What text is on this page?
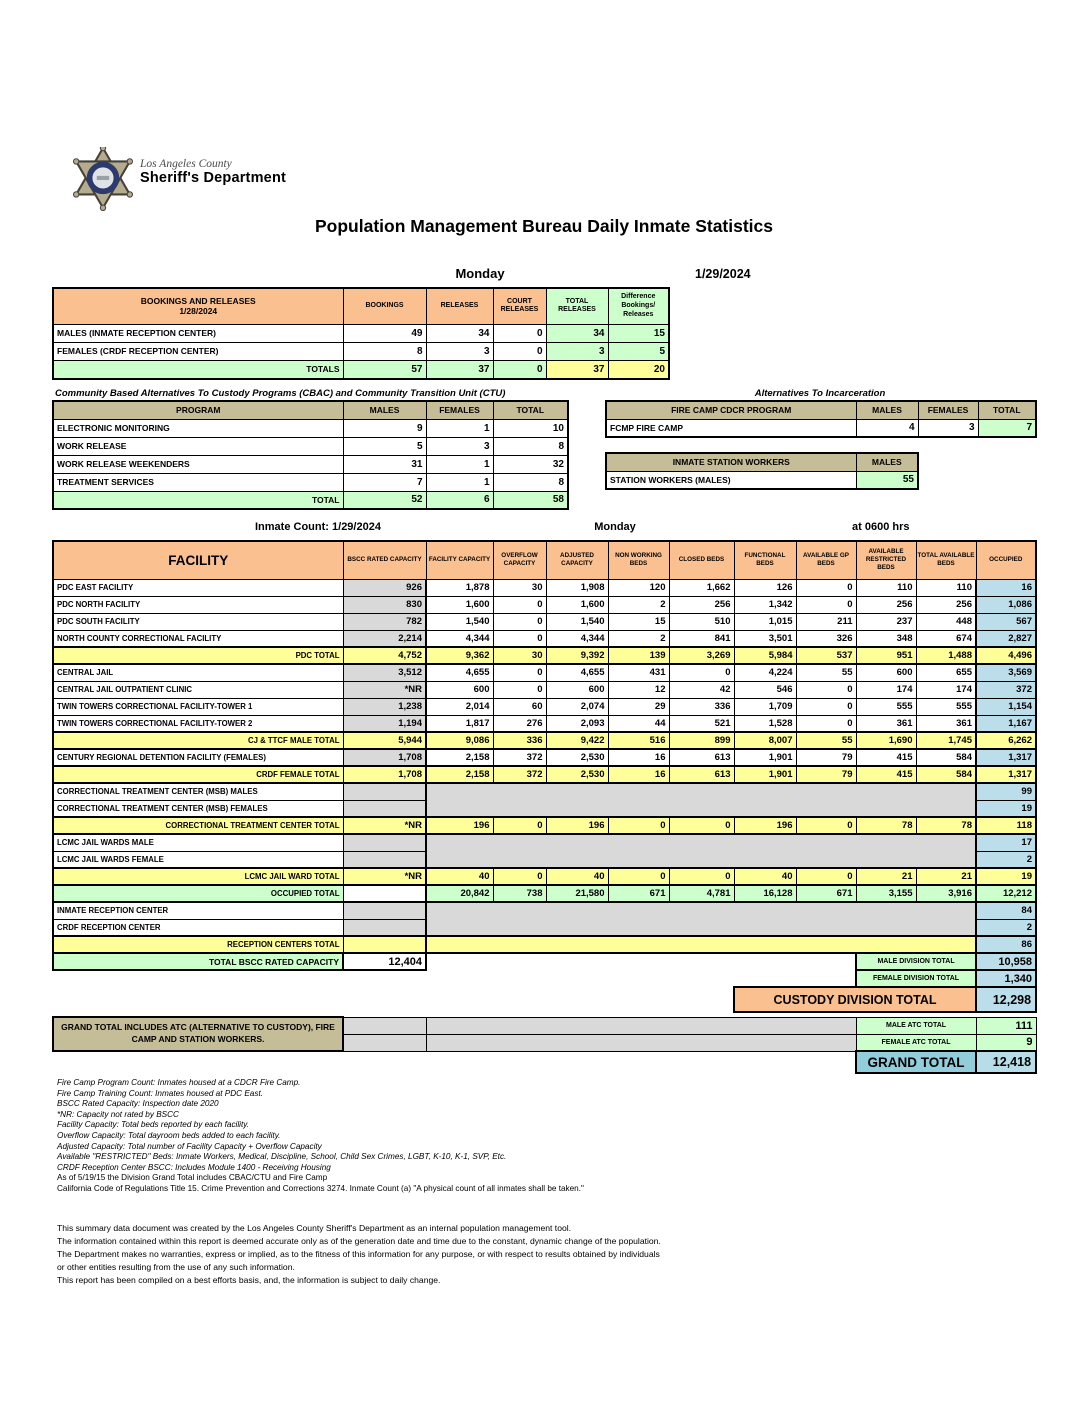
Los Angeles County
Sheriff's Department
Population Management Bureau Daily Inmate Statistics
Monday	1/29/2024
BOOKINGS AND RELEASES
1/28/2024	BOOKINGS	RELEASES	COURT RELEASES	TOTAL RELEASES	Difference Bookings/ Releases
MALES (INMATE RECEPTION CENTER)	49	34	0	34	15
FEMALES (CRDF RECEPTION CENTER)	8	3	0	3	5
TOTALS	57	37	0	37	20
Community Based Alternatives To Custody Programs (CBAC) and Community Transition Unit (CTU)
PROGRAM	MALES	FEMALES	TOTAL
ELECTRONIC MONITORING	9	1	10
WORK RELEASE	5	3	8
WORK RELEASE WEEKENDERS	31	1	32
TREATMENT SERVICES	7	1	8
TOTAL	52	6	58
Alternatives To Incarceration
FIRE CAMP CDCR PROGRAM	MALES	FEMALES	TOTAL
FCMP FIRE CAMP	4	3	7
INMATE STATION WORKERS	MALES
STATION WORKERS (MALES)	55
Inmate Count: 1/29/2024	Monday	at 0600 hrs
FACILITY	BSCC RATED CAPACITY	FACILITY CAPACITY	OVERFLOW CAPACITY	ADJUSTED CAPACITY	NON WORKING BEDS	CLOSED BEDS	FUNCTIONAL BEDS	AVAILABLE GP BEDS	AVAILABLE RESTRICTED BEDS	TOTAL AVAILABLE BEDS	OCCUPIED
PDC EAST FACILITY	926	1,878	30	1,908	120	1,662	126	0	110	110	16
PDC NORTH FACILITY	830	1,600	0	1,600	2	256	1,342	0	256	256	1,086
PDC SOUTH FACILITY	782	1,540	0	1,540	15	510	1,015	211	237	448	567
NORTH COUNTY CORRECTIONAL FACILITY	2,214	4,344	0	4,344	2	841	3,501	326	348	674	2,827
PDC TOTAL	4,752	9,362	30	9,392	139	3,269	5,984	537	951	1,488	4,496
CENTRAL JAIL	3,512	4,655	0	4,655	431	0	4,224	55	600	655	3,569
CENTRAL JAIL OUTPATIENT CLINIC	*NR	600	0	600	12	42	546	0	174	174	372
TWIN TOWERS CORRECTIONAL FACILITY-TOWER 1	1,238	2,014	60	2,074	29	336	1,709	0	555	555	1,154
TWIN TOWERS CORRECTIONAL FACILITY-TOWER 2	1,194	1,817	276	2,093	44	521	1,528	0	361	361	1,167
CJ & TTCF MALE TOTAL	5,944	9,086	336	9,422	516	899	8,007	55	1,690	1,745	6,262
CENTURY REGIONAL DETENTION FACILITY (FEMALES)	1,708	2,158	372	2,530	16	613	1,901	79	415	584	1,317
CRDF FEMALE TOTAL	1,708	2,158	372	2,530	16	613	1,901	79	415	584	1,317
CORRECTIONAL TREATMENT CENTER (MSB) MALES											99
CORRECTIONAL TREATMENT CENTER (MSB) FEMALES											19
CORRECTIONAL TREATMENT CENTER TOTAL	*NR	196	0	196	0	0	196	0	78	78	118
LCMC JAIL WARDS MALE											17
LCMC JAIL WARDS FEMALE											2
LCMC JAIL WARD TOTAL	*NR	40	0	40	0	0	40	0	21	21	19
OCCUPIED TOTAL		20,842	738	21,580	671	4,781	16,128	671	3,155	3,916	12,212
INMATE RECEPTION CENTER											84
CRDF RECEPTION CENTER											2
RECEPTION CENTERS TOTAL											86
TOTAL BSCC RATED CAPACITY	12,404			MALE DIVISION TOTAL	10,958
				FEMALE DIVISION TOTAL	1,340
			CUSTODY DIVISION TOTAL		12,298
GRAND TOTAL INCLUDES ATC (ALTERNATIVE TO CUSTODY), FIRE CAMP AND STATION WORKERS.			MALE ATC TOTAL	111
			FEMALE ATC TOTAL	9
			GRAND TOTAL	12,418
Fire Camp Program Count: Inmates housed at a CDCR Fire Camp.
Fire Camp Training Count: Inmates housed at PDC East.
BSCC Rated Capacity: Inspection date 2020
*NR: Capacity not rated by BSCC
Facility Capacity: Total beds reported by each facility.
Overflow Capacity: Total dayroom beds added to each facility.
Adjusted Capacity: Total number of Facility Capacity + Overflow Capacity
Available "RESTRICTED" Beds: Inmate Workers, Medical, Discipline, School, Child Sex Crimes, LGBT, K-10, K-1, SVP, Etc.
CRDF Reception Center BSCC: Includes Module 1400 - Receiving Housing
As of 5/19/15 the Division Grand Total includes CBAC/CTU and Fire Camp
California Code of Regulations Title 15. Crime Prevention and Corrections 3274. Inmate Count (a) "A physical count of all inmates shall be taken."
This summary data document was created by the Los Angeles County Sheriff's Department as an internal population management tool.
The information contained within this report is deemed accurate only as of the generation date and time due to the constant, dynamic change of the population.
The Department makes no warranties, express or implied, as to the fitness of this information for any purpose, or with respect to results obtained by individuals
or other entities resulting from the use of any such information.
This report has been compiled on a best efforts basis, and, the information is subject to daily change.
